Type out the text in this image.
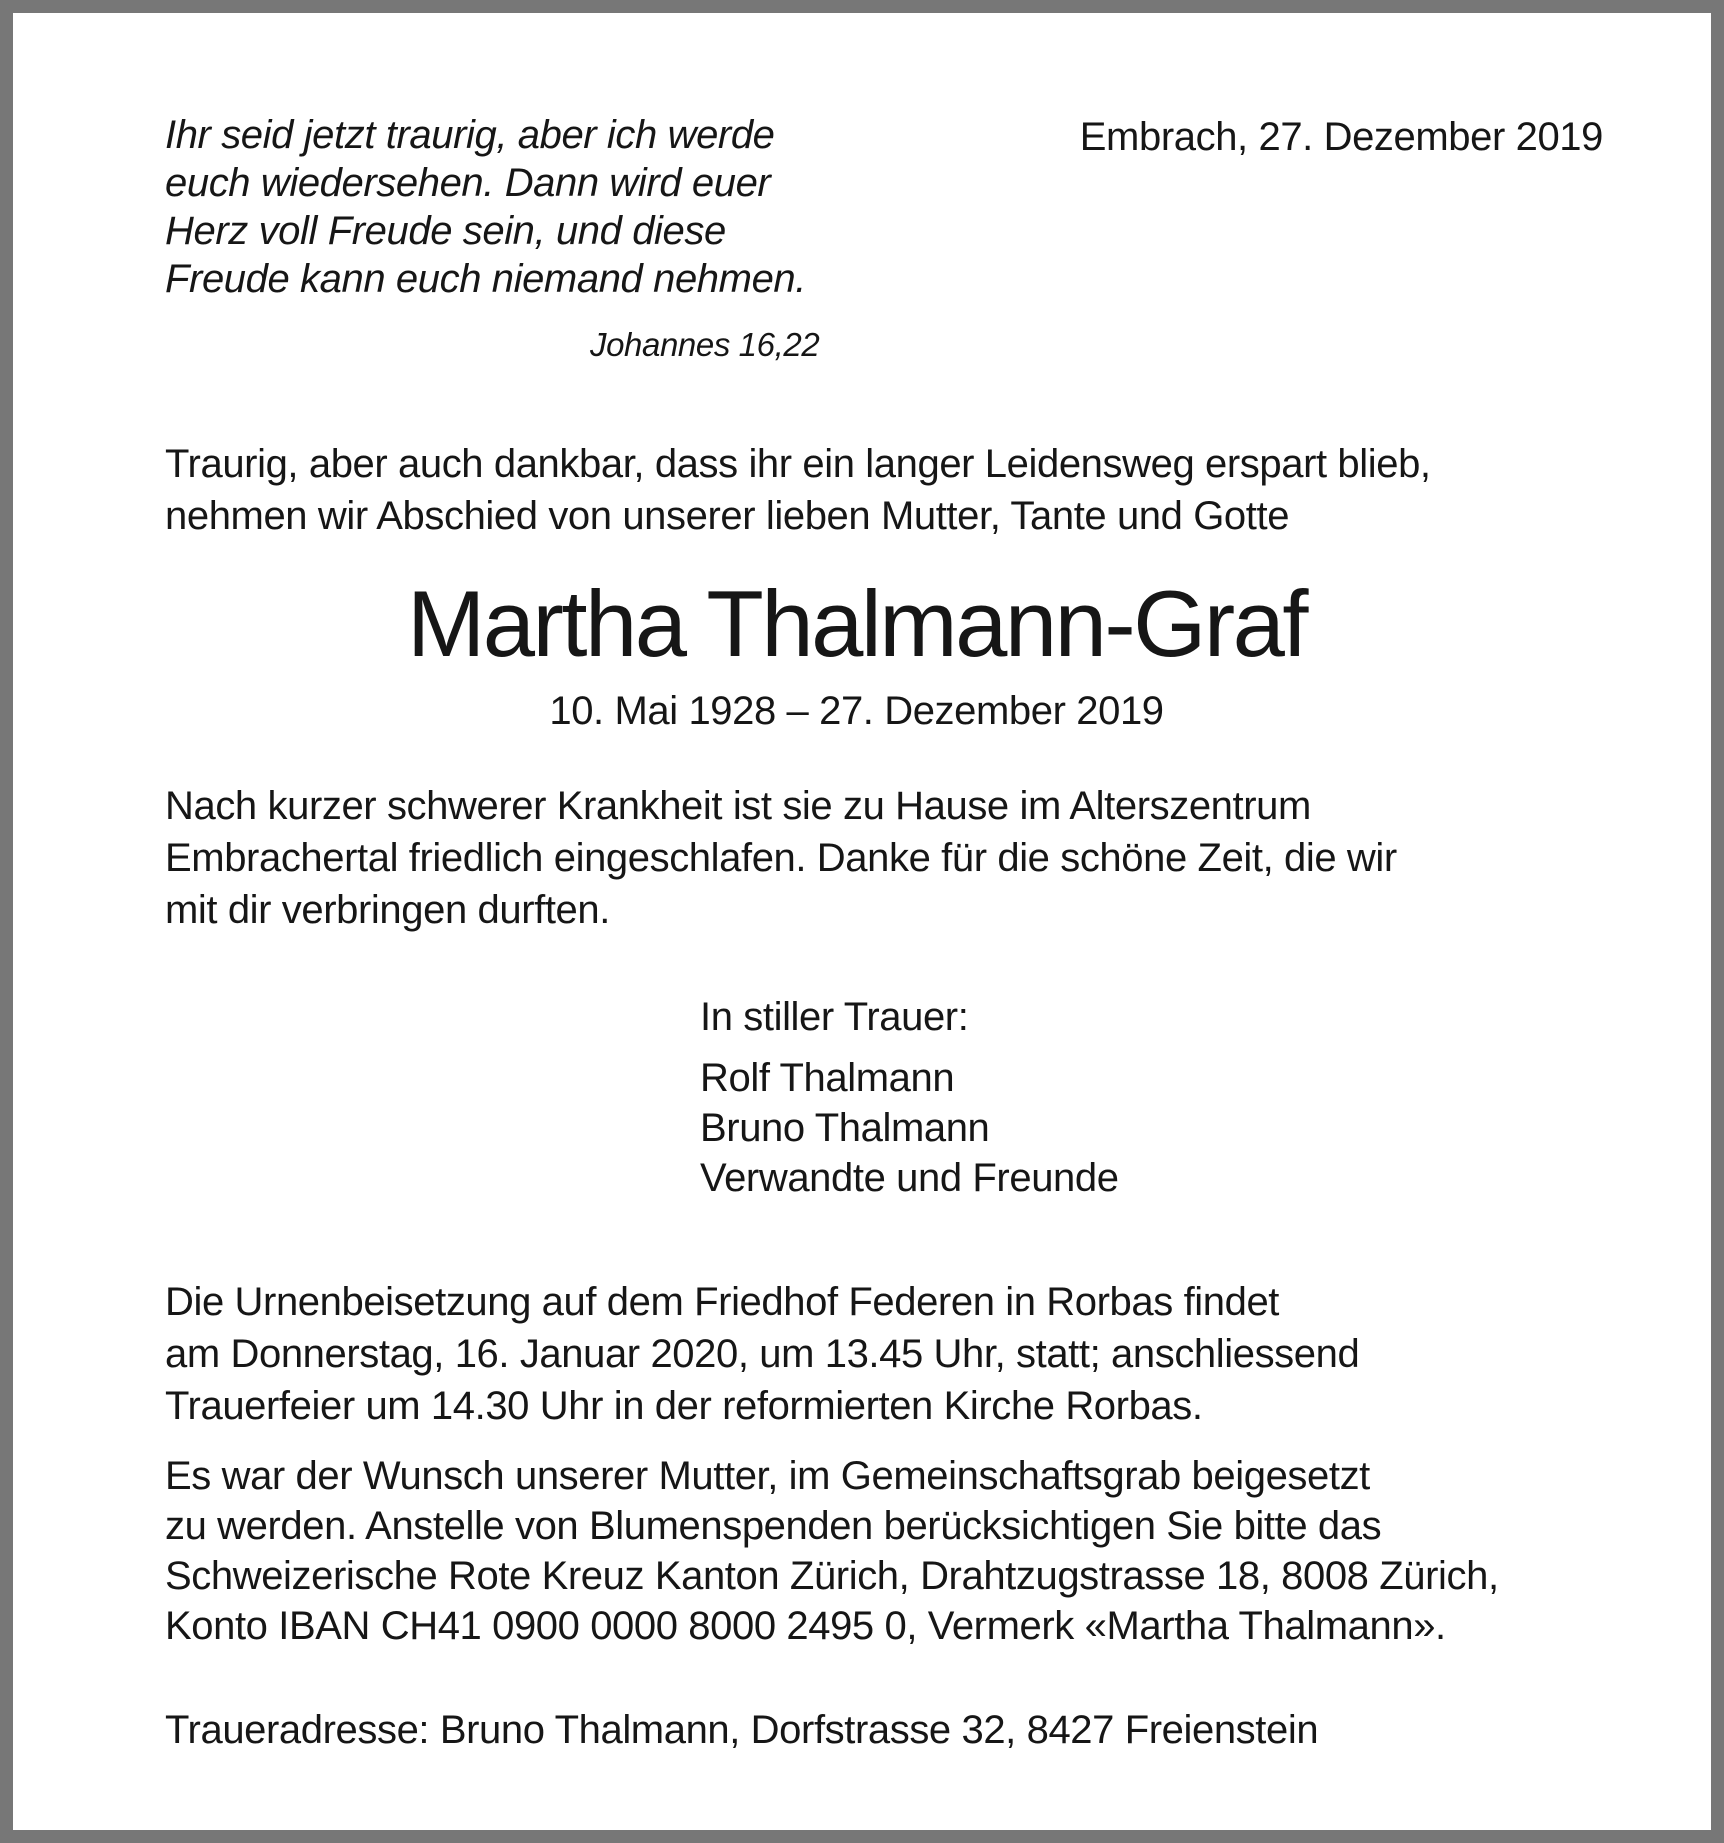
Ihr seid jetzt traurig, aber ich werde
euch wiedersehen. Dann wird euer
Herz voll Freude sein, und diese
Freude kann euch niemand nehmen.
Johannes 16,22
Embrach, 27. Dezember 2019
Traurig, aber auch dankbar, dass ihr ein langer Leidensweg erspart blieb,
nehmen wir Abschied von unserer lieben Mutter, Tante und Gotte
Martha Thalmann-Graf
10. Mai 1928 – 27. Dezember 2019
Nach kurzer schwerer Krankheit ist sie zu Hause im Alterszentrum
Embrachertal friedlich eingeschlafen. Danke für die schöne Zeit, die wir
mit dir verbringen durften.
In stiller Trauer:
Rolf Thalmann
Bruno Thalmann
Verwandte und Freunde
Die Urnenbeisetzung auf dem Friedhof Federen in Rorbas findet
am Donnerstag, 16. Januar 2020, um 13.45 Uhr, statt; anschliessend
Trauerfeier um 14.30 Uhr in der reformierten Kirche Rorbas.
Es war der Wunsch unserer Mutter, im Gemeinschaftsgrab beigesetzt
zu werden. Anstelle von Blumenspenden berücksichtigen Sie bitte das
Schweizerische Rote Kreuz Kanton Zürich, Drahtzugstrasse 18, 8008 Zürich,
Konto IBAN CH41 0900 0000 8000 2495 0, Vermerk «Martha Thalmann».
Traueradresse: Bruno Thalmann, Dorfstrasse 32, 8427 Freienstein
